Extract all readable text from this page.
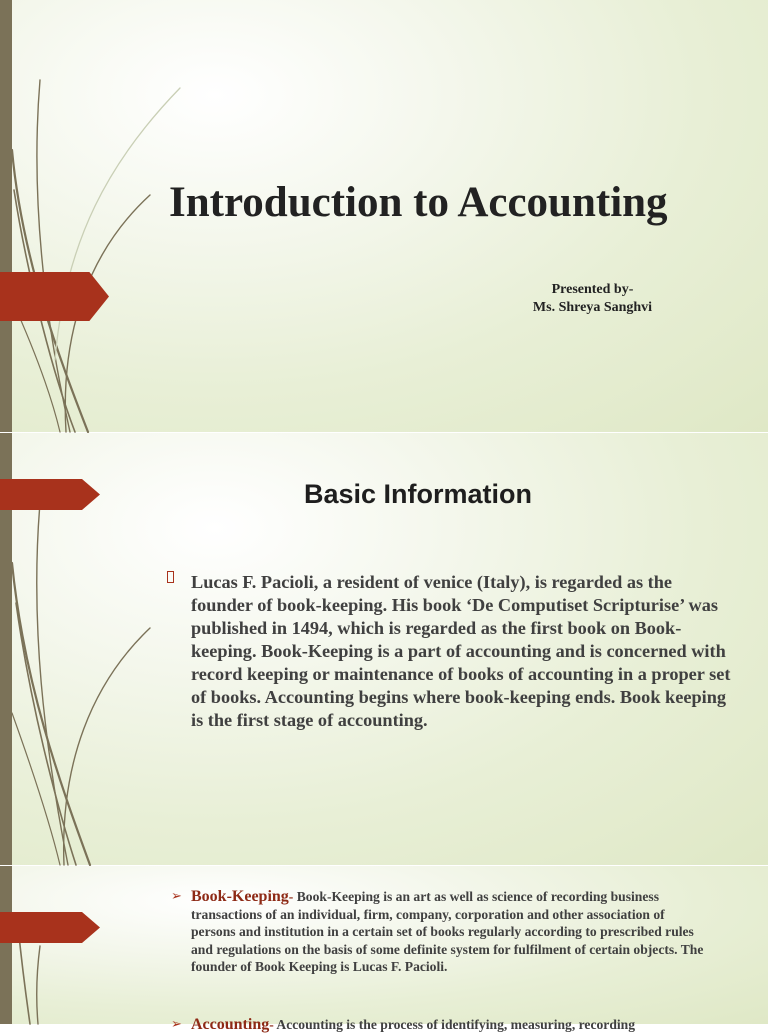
Introduction to Accounting
Presented by-
Ms. Shreya Sanghvi
Basic Information
Lucas F. Pacioli, a resident of venice (Italy), is regarded as the founder of book-keeping. His book ‘De Computiset Scripturise’ was published in 1494, which is regarded as the first book on Book-keeping. Book-Keeping is a part of accounting and is concerned with record keeping or maintenance of books of accounting in a proper set of books. Accounting begins where book-keeping ends. Book keeping is the first stage of accounting.
➢ Book-Keeping- Book-Keeping is an art as well as science of recording business transactions of an individual, firm, company, corporation and other association of persons and institution in a certain set of books regularly according to prescribed rules and regulations on the basis of some definite system for fulfilment of certain objects. The founder of Book Keeping is Lucas F. Pacioli.
➢ Accounting- Accounting is the process of identifying, measuring, recording
